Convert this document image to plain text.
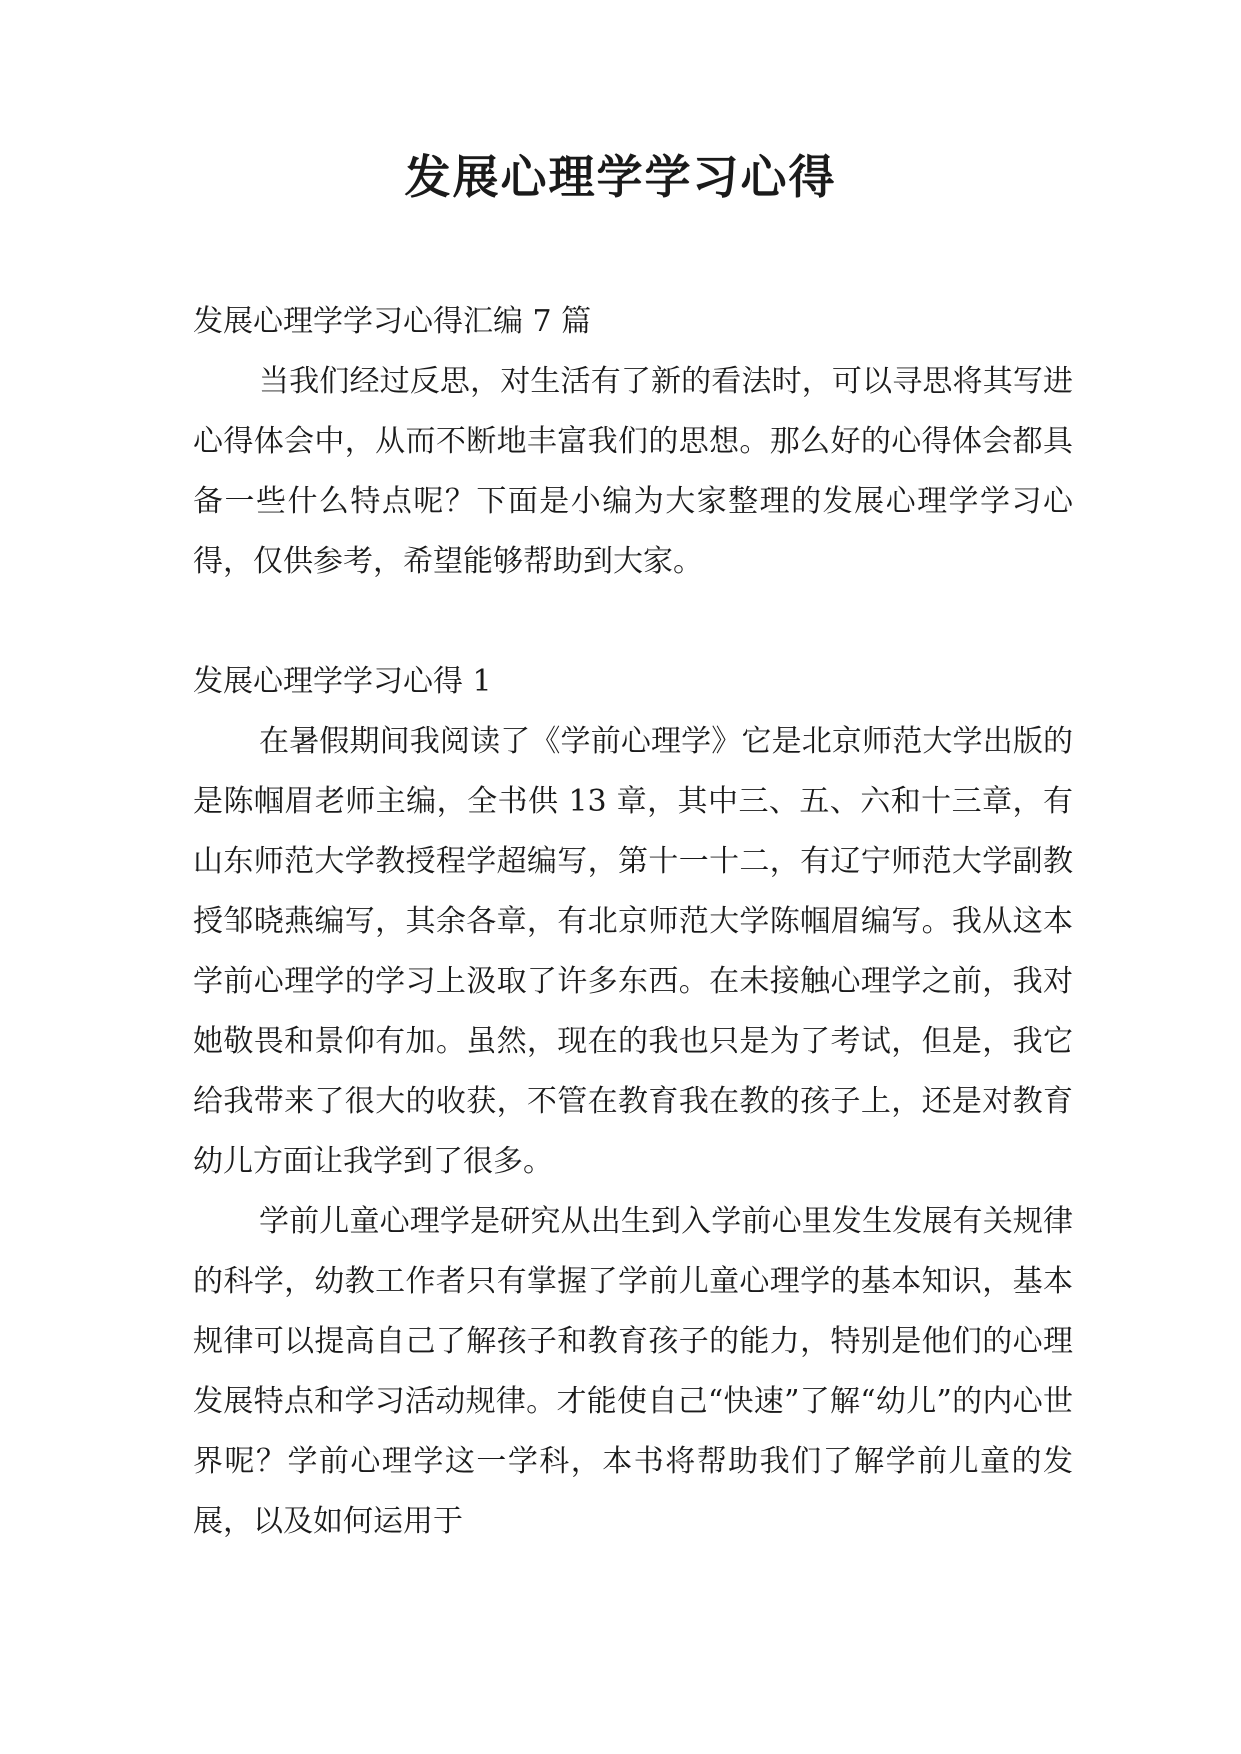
发展心理学学习心得
发展心理学学习心得汇编 7 篇

当我们经过反思，对生活有了新的看法时，可以寻思将其写进心得体会中，从而不断地丰富我们的思想。那么好的心得体会都具备一些什么特点呢？下面是小编为大家整理的发展心理学学习心得，仅供参考，希望能够帮助到大家。

发展心理学学习心得 1

在暑假期间我阅读了《学前心理学》它是北京师范大学出版的是陈帼眉老师主编，全书供 13 章，其中三、五、六和十三章，有山东师范大学教授程学超编写，第十一十二，有辽宁师范大学副教授邹晓燕编写，其余各章，有北京师范大学陈帼眉编写。我从这本学前心理学的学习上汲取了许多东西。在未接触心理学之前，我对她敬畏和景仰有加。虽然，现在的我也只是为了考试，但是，我它给我带来了很大的收获，不管在教育我在教的孩子上，还是对教育幼儿方面让我学到了很多。

学前儿童心理学是研究从出生到入学前心里发生发展有关规律的科学，幼教工作者只有掌握了学前儿童心理学的基本知识，基本规律可以提高自己了解孩子和教育孩子的能力，特别是他们的心理发展特点和学习活动规律。才能使自己“快速”了解“幼儿”的内心世界呢？学前心理学这一学科，本书将帮助我们了解学前儿童的发展，以及如何运用于
